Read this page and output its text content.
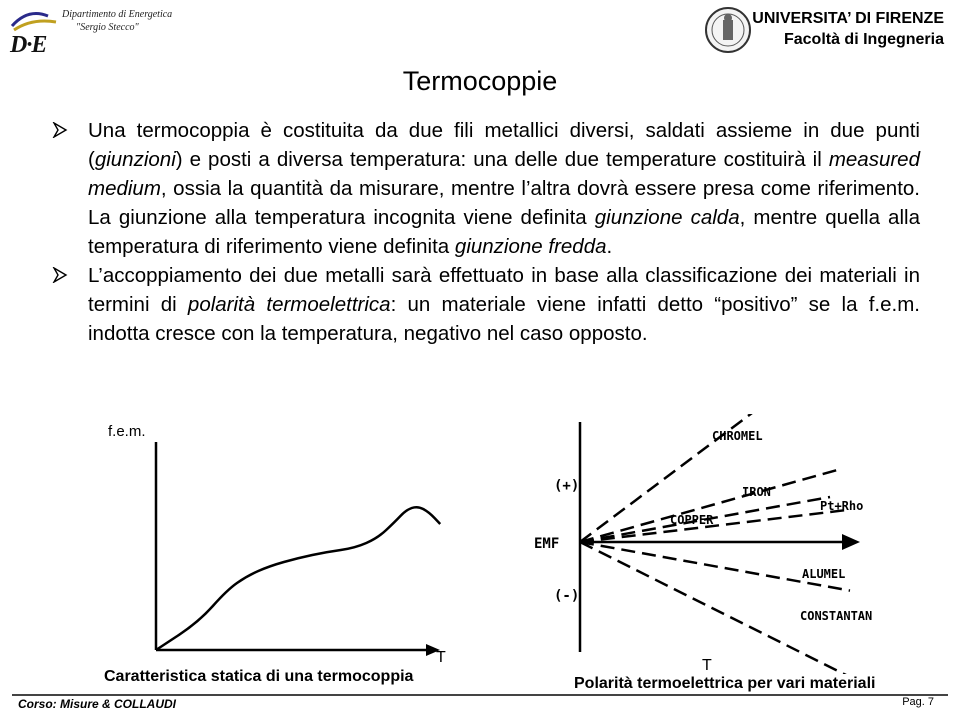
Dipartimento di Energetica
"Sergio Stecco"
D·E
UNIVERSITA’ DI FIRENZE
Facoltà di Ingegneria
Termocoppie
Una termocoppia è costituita da due fili metallici diversi, saldati assieme in due punti (giunzioni) e posti a diversa temperatura: una delle due temperature costituirà il measured medium, ossia la quantità da misurare, mentre l’altra dovrà essere presa come riferimento. La giunzione alla temperatura incognita viene definita giunzione calda, mentre quella alla temperatura di riferimento viene definita giunzione fredda.
L’accoppiamento dei due metalli sarà effettuato in base alla classificazione dei materiali in termini di polarità termoelettrica: un materiale viene infatti detto “positivo” se la f.e.m. indotta cresce con la temperatura, negativo nel caso opposto.
f.e.m.
T
(+)
EMF
(-)
CHROMEL
IRON
Pt+Rho
COPPER
ALUMEL
CONSTANTAN
T
Caratteristica statica di una termocoppia	Polarità termoelettrica per vari materiali
Corso: Misure & COLLAUDI	Pag. 7
